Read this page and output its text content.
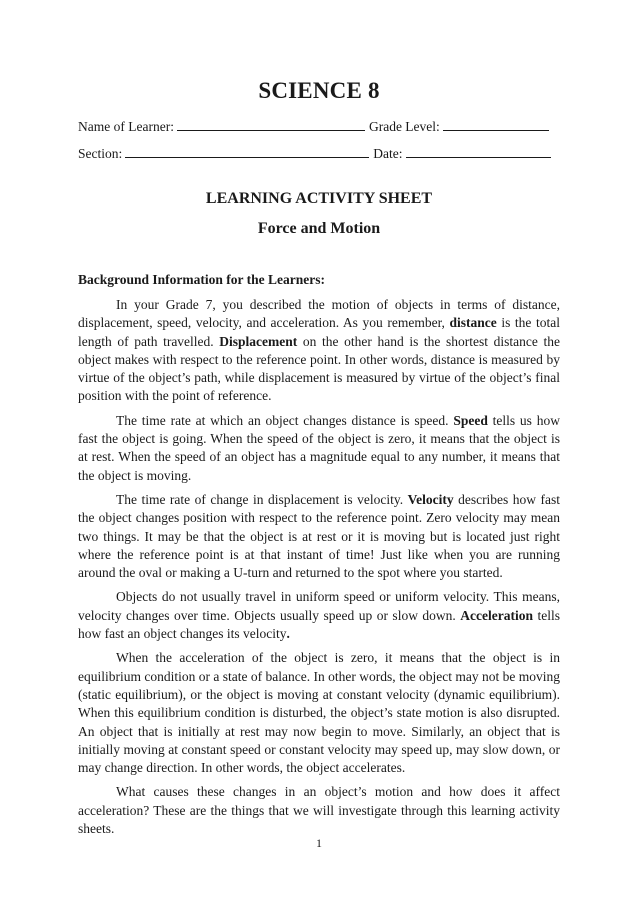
SCIENCE 8
Name of Learner:	Grade Level:
Section:	Date:
LEARNING ACTIVITY SHEET
Force and Motion
Background Information for the Learners:

In your Grade 7, you described the motion of objects in terms of distance, displacement, speed, velocity, and acceleration. As you remember, distance is the total length of path travelled. Displacement on the other hand is the shortest distance the object makes with respect to the reference point. In other words, distance is measured by virtue of the object’s path, while displacement is measured by virtue of the object’s final position with the point of reference.

The time rate at which an object changes distance is speed. Speed tells us how fast the object is going. When the speed of the object is zero, it means that the object is at rest. When the speed of an object has a magnitude equal to any number, it means that the object is moving.

The time rate of change in displacement is velocity. Velocity describes how fast the object changes position with respect to the reference point. Zero velocity may mean two things. It may be that the object is at rest or it is moving but is located just right where the reference point is at that instant of time! Just like when you are running around the oval or making a U-turn and returned to the spot where you started.

Objects do not usually travel in uniform speed or uniform velocity. This means, velocity changes over time. Objects usually speed up or slow down. Acceleration tells how fast an object changes its velocity.

When the acceleration of the object is zero, it means that the object is in equilibrium condition or a state of balance. In other words, the object may not be moving (static equilibrium), or the object is moving at constant velocity (dynamic equilibrium). When this equilibrium condition is disturbed, the object’s state motion is also disrupted. An object that is initially at rest may now begin to move. Similarly, an object that is initially moving at constant speed or constant velocity may speed up, may slow down, or may change direction. In other words, the object accelerates.

What causes these changes in an object’s motion and how does it affect acceleration? These are the things that we will investigate through this learning activity sheets.

1
